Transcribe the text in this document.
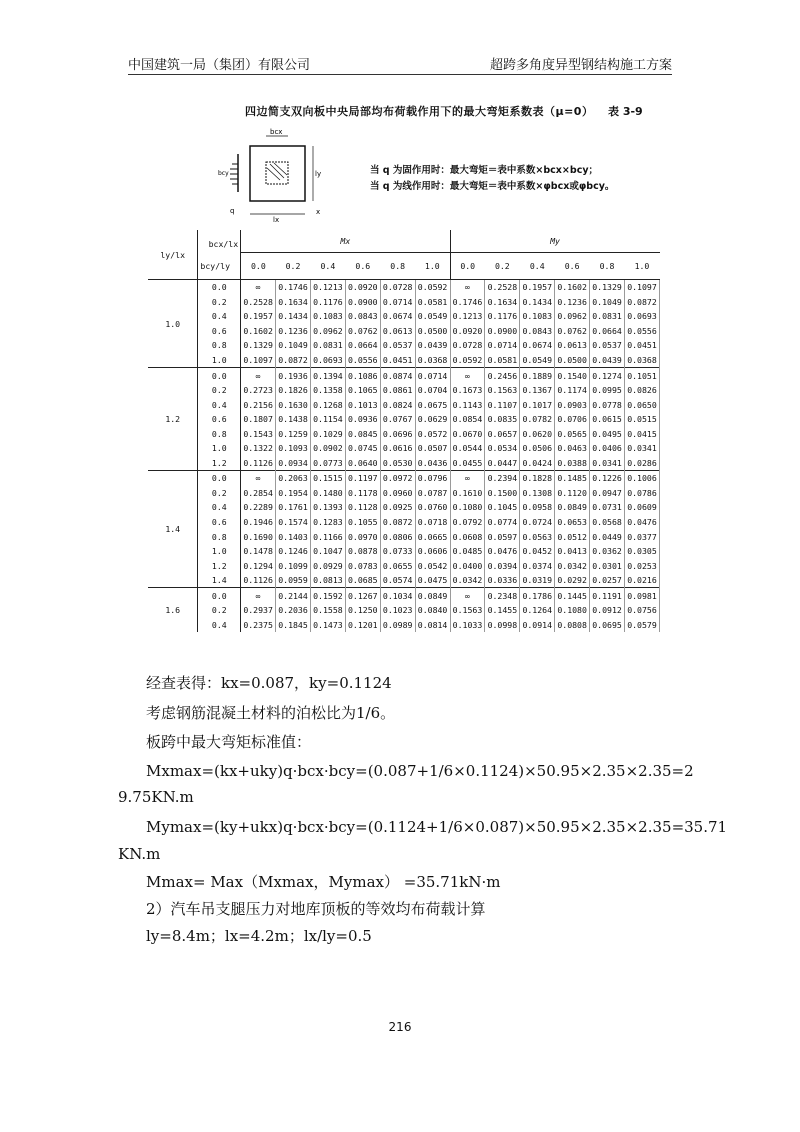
中国建筑一局（集团）有限公司	超跨多角度异型钢结构施工方案
四边简支双向板中央局部均布荷载作用下的最大弯矩系数表（μ=0） 表 3-9
bcx
lx
ly
bcy
q	x
当 q 为固作用时：最大弯矩＝表中系数×bcx×bcy；
当 q 为线作用时：最大弯矩＝表中系数×φbcx或φbcy。
ly/lx	bcx/lx
bcy/ly	Mx						My					
		0.0	0.2	0.4	0.6	0.8	1.0	0.0	0.2	0.4	0.6	0.8	1.0
1.0	0.0	∞	0.1746	0.1213	0.0920	0.0728	0.0592	∞	0.2528	0.1957	0.1602	0.1329	0.1097
	0.2	0.2528	0.1634	0.1176	0.0900	0.0714	0.0581	0.1746	0.1634	0.1434	0.1236	0.1049	0.0872
	0.4	0.1957	0.1434	0.1083	0.0843	0.0674	0.0549	0.1213	0.1176	0.1083	0.0962	0.0831	0.0693
	0.6	0.1602	0.1236	0.0962	0.0762	0.0613	0.0500	0.0920	0.0900	0.0843	0.0762	0.0664	0.0556
	0.8	0.1329	0.1049	0.0831	0.0664	0.0537	0.0439	0.0728	0.0714	0.0674	0.0613	0.0537	0.0451
	1.0	0.1097	0.0872	0.0693	0.0556	0.0451	0.0368	0.0592	0.0581	0.0549	0.0500	0.0439	0.0368
1.2	0.0	∞	0.1936	0.1394	0.1086	0.0874	0.0714	∞	0.2456	0.1889	0.1540	0.1274	0.1051
	0.2	0.2723	0.1826	0.1358	0.1065	0.0861	0.0704	0.1673	0.1563	0.1367	0.1174	0.0995	0.0826
	0.4	0.2156	0.1630	0.1268	0.1013	0.0824	0.0675	0.1143	0.1107	0.1017	0.0903	0.0778	0.0650
	0.6	0.1807	0.1438	0.1154	0.0936	0.0767	0.0629	0.0854	0.0835	0.0782	0.0706	0.0615	0.0515
	0.8	0.1543	0.1259	0.1029	0.0845	0.0696	0.0572	0.0670	0.0657	0.0620	0.0565	0.0495	0.0415
	1.0	0.1322	0.1093	0.0902	0.0745	0.0616	0.0507	0.0544	0.0534	0.0506	0.0463	0.0406	0.0341
	1.2	0.1126	0.0934	0.0773	0.0640	0.0530	0.0436	0.0455	0.0447	0.0424	0.0388	0.0341	0.0286
1.4	0.0	∞	0.2063	0.1515	0.1197	0.0972	0.0796	∞	0.2394	0.1828	0.1485	0.1226	0.1006
	0.2	0.2854	0.1954	0.1480	0.1178	0.0960	0.0787	0.1610	0.1500	0.1308	0.1120	0.0947	0.0786
	0.4	0.2289	0.1761	0.1393	0.1128	0.0925	0.0760	0.1080	0.1045	0.0958	0.0849	0.0731	0.0609
	0.6	0.1946	0.1574	0.1283	0.1055	0.0872	0.0718	0.0792	0.0774	0.0724	0.0653	0.0568	0.0476
	0.8	0.1690	0.1403	0.1166	0.0970	0.0806	0.0665	0.0608	0.0597	0.0563	0.0512	0.0449	0.0377
	1.0	0.1478	0.1246	0.1047	0.0878	0.0733	0.0606	0.0485	0.0476	0.0452	0.0413	0.0362	0.0305
	1.2	0.1294	0.1099	0.0929	0.0783	0.0655	0.0542	0.0400	0.0394	0.0374	0.0342	0.0301	0.0253
	1.4	0.1126	0.0959	0.0813	0.0685	0.0574	0.0475	0.0342	0.0336	0.0319	0.0292	0.0257	0.0216
1.6	0.0	∞	0.2144	0.1592	0.1267	0.1034	0.0849	∞	0.2348	0.1786	0.1445	0.1191	0.0981
	0.2	0.2937	0.2036	0.1558	0.1250	0.1023	0.0840	0.1563	0.1455	0.1264	0.1080	0.0912	0.0756
	0.4	0.2375	0.1845	0.1473	0.1201	0.0989	0.0814	0.1033	0.0998	0.0914	0.0808	0.0695	0.0579
经查表得：kx=0.087，ky=0.1124
考虑钢筋混凝土材料的泊松比为1/6。
板跨中最大弯矩标准值：
Mxmax=(kx+uky)q·bcx·bcy=(0.087+1/6×0.1124)×50.95×2.35×2.35=2
9.75KN.m
Mymax=(ky+ukx)q·bcx·bcy=(0.1124+1/6×0.087)×50.95×2.35×2.35=35.71
KN.m
Mmax= Max（Mxmax，Mymax） =35.71kN·m
2）汽车吊支腿压力对地库顶板的等效均布荷载计算
ly=8.4m；lx=4.2m；lx/ly=0.5
216
